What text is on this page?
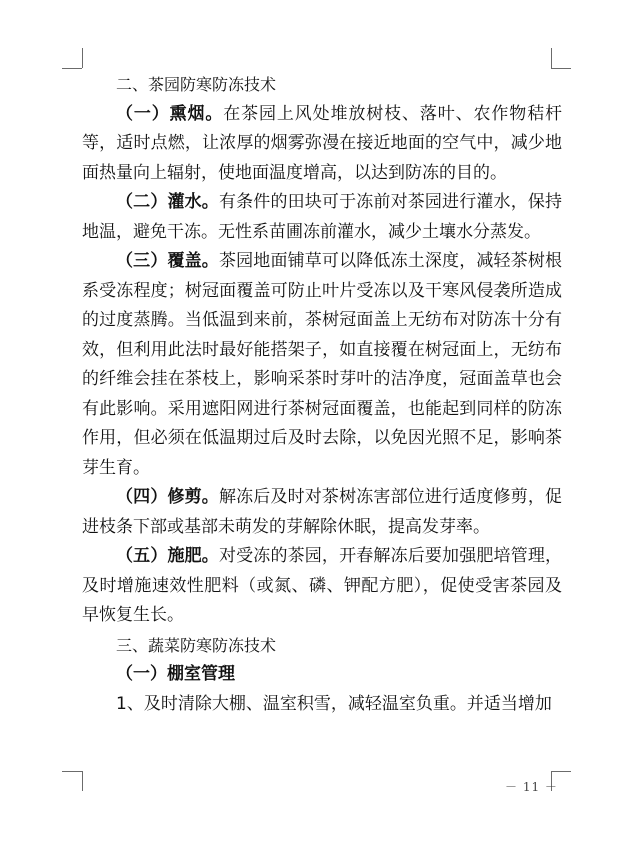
二、茶园防寒防冻技术

（一）熏烟。在茶园上风处堆放树枝、落叶、农作物秸杆等，适时点燃，让浓厚的烟雾弥漫在接近地面的空气中，减少地面热量向上辐射，使地面温度增高，以达到防冻的目的。

（二）灌水。有条件的田块可于冻前对茶园进行灌水，保持地温，避免干冻。无性系苗圃冻前灌水，减少土壤水分蒸发。

（三）覆盖。茶园地面铺草可以降低冻土深度，减轻茶树根系受冻程度；树冠面覆盖可防止叶片受冻以及干寒风侵袭所造成的过度蒸腾。当低温到来前，茶树冠面盖上无纺布对防冻十分有效，但利用此法时最好能搭架子，如直接覆在树冠面上，无纺布的纤维会挂在茶枝上，影响采茶时芽叶的洁净度，冠面盖草也会有此影响。采用遮阳网进行茶树冠面覆盖，也能起到同样的防冻作用，但必须在低温期过后及时去除，以免因光照不足，影响茶芽生育。

（四）修剪。解冻后及时对茶树冻害部位进行适度修剪，促进枝条下部或基部未萌发的芽解除休眠，提高发芽率。

（五）施肥。对受冻的茶园，开春解冻后要加强肥培管理，及时增施速效性肥料（或氮、磷、钾配方肥），促使受害茶园及早恢复生长。

三、蔬菜防寒防冻技术

（一）棚室管理

1、及时清除大棚、温室积雪，减轻温室负重。并适当增加

－ 11 －
